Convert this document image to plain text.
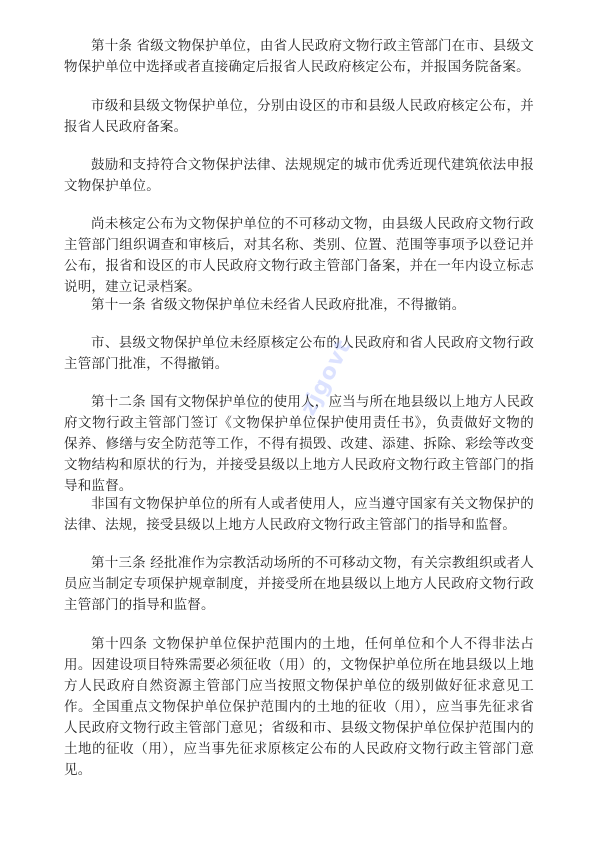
第十条 省级文物保护单位，由省人民政府文物行政主管部门在市、县级文物保护单位中选择或者直接确定后报省人民政府核定公布，并报国务院备案。

市级和县级文物保护单位，分别由设区的市和县级人民政府核定公布，并报省人民政府备案。

鼓励和支持符合文物保护法律、法规规定的城市优秀近现代建筑依法申报文物保护单位。

尚未核定公布为文物保护单位的不可移动文物，由县级人民政府文物行政主管部门组织调查和审核后，对其名称、类别、位置、范围等事项予以登记并公布，报省和设区的市人民政府文物行政主管部门备案，并在一年内设立标志说明，建立记录档案。

第十一条 省级文物保护单位未经省人民政府批准，不得撤销。

市、县级文物保护单位未经原核定公布的人民政府和省人民政府文物行政主管部门批准，不得撤销。

第十二条 国有文物保护单位的使用人，应当与所在地县级以上地方人民政府文物行政主管部门签订《文物保护单位保护使用责任书》，负责做好文物的保养、修缮与安全防范等工作，不得有损毁、改建、添建、拆除、彩绘等改变文物结构和原状的行为，并接受县级以上地方人民政府文物行政主管部门的指导和监督。

非国有文物保护单位的所有人或者使用人，应当遵守国家有关文物保护的法律、法规，接受县级以上地方人民政府文物行政主管部门的指导和监督。

第十三条 经批准作为宗教活动场所的不可移动文物，有关宗教组织或者人员应当制定专项保护规章制度，并接受所在地县级以上地方人民政府文物行政主管部门的指导和监督。

第十四条 文物保护单位保护范围内的土地，任何单位和个人不得非法占用。因建设项目特殊需要必须征收（用）的，文物保护单位所在地县级以上地方人民政府自然资源主管部门应当按照文物保护单位的级别做好征求意见工作。全国重点文物保护单位保护范围内的土地的征收（用），应当事先征求省人民政府文物行政主管部门意见；省级和市、县级文物保护单位保护范围内的土地的征收（用），应当事先征求原核定公布的人民政府文物行政主管部门意见。

zjgovt
